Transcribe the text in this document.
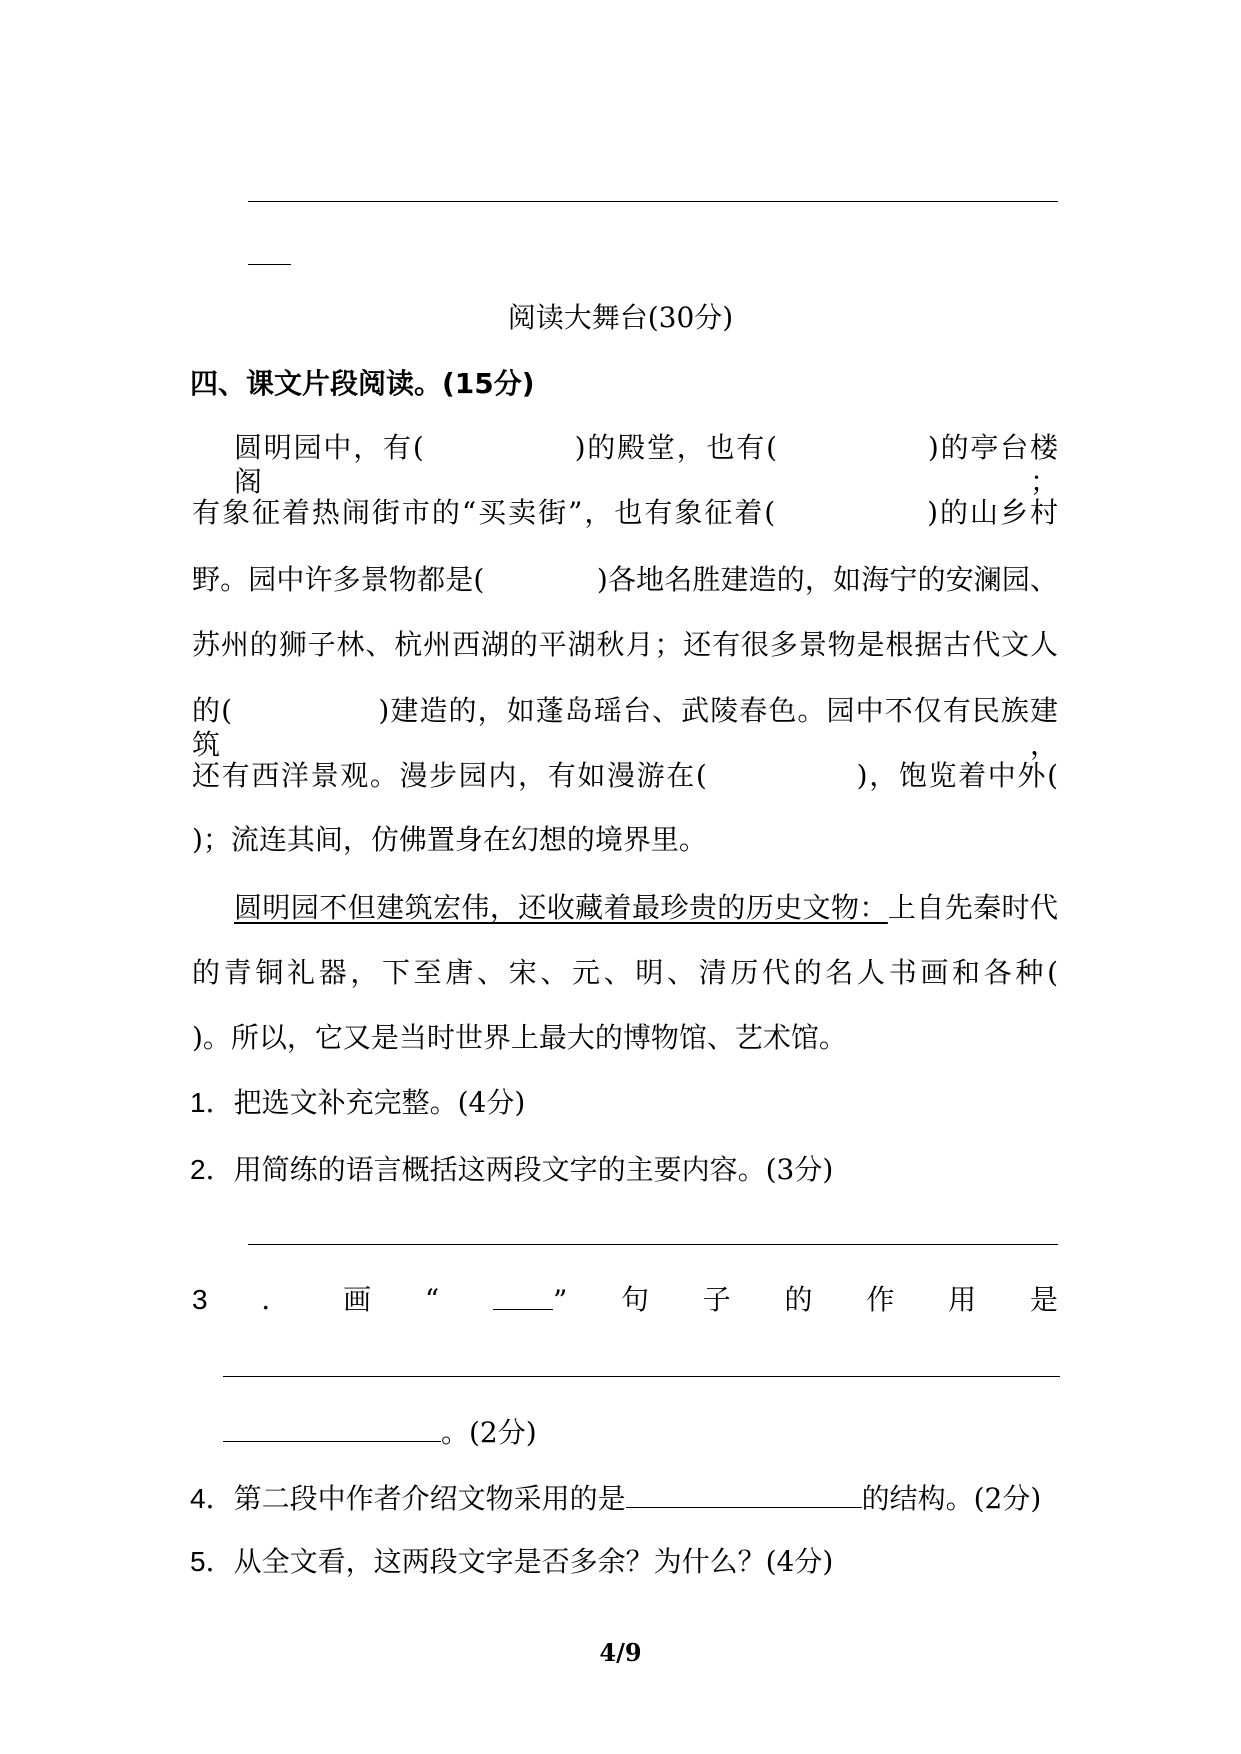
阅读大舞台(30分)
四、课文片段阅读。(15分)
圆明园中，有(　　　　　)的殿堂，也有(　　　　　)的亭台楼阁；
有象征着热闹街市的“买卖街”，也有象征着(　　　　　)的山乡村
野。园中许多景物都是(　　　　)各地名胜建造的，如海宁的安澜园、
苏州的狮子林、杭州西湖的平湖秋月；还有很多景物是根据古代文人
的(　　　　　)建造的，如蓬岛瑶台、武陵春色。园中不仅有民族建筑，
还有西洋景观。漫步园内，有如漫游在(　　　　　)，饱览着中外(
)；流连其间，仿佛置身在幻想的境界里。
圆明园不但建筑宏伟，还收藏着最珍贵的历史文物：上自先秦时代
的青铜礼器，下至唐、宋、元、明、清历代的名人书画和各种(
)。所以，它又是当时世界上最大的博物馆、艺术馆。
1．把选文补充完整。(4分)
2．用简练的语言概括这两段文字的主要内容。(3分)
3 ． 画 “	” 句 子 的 作 用 是
。(2分)
4．第二段中作者介绍文物采用的是	的结构。(2分)
5．从全文看，这两段文字是否多余？为什么？(4分)
4/9
